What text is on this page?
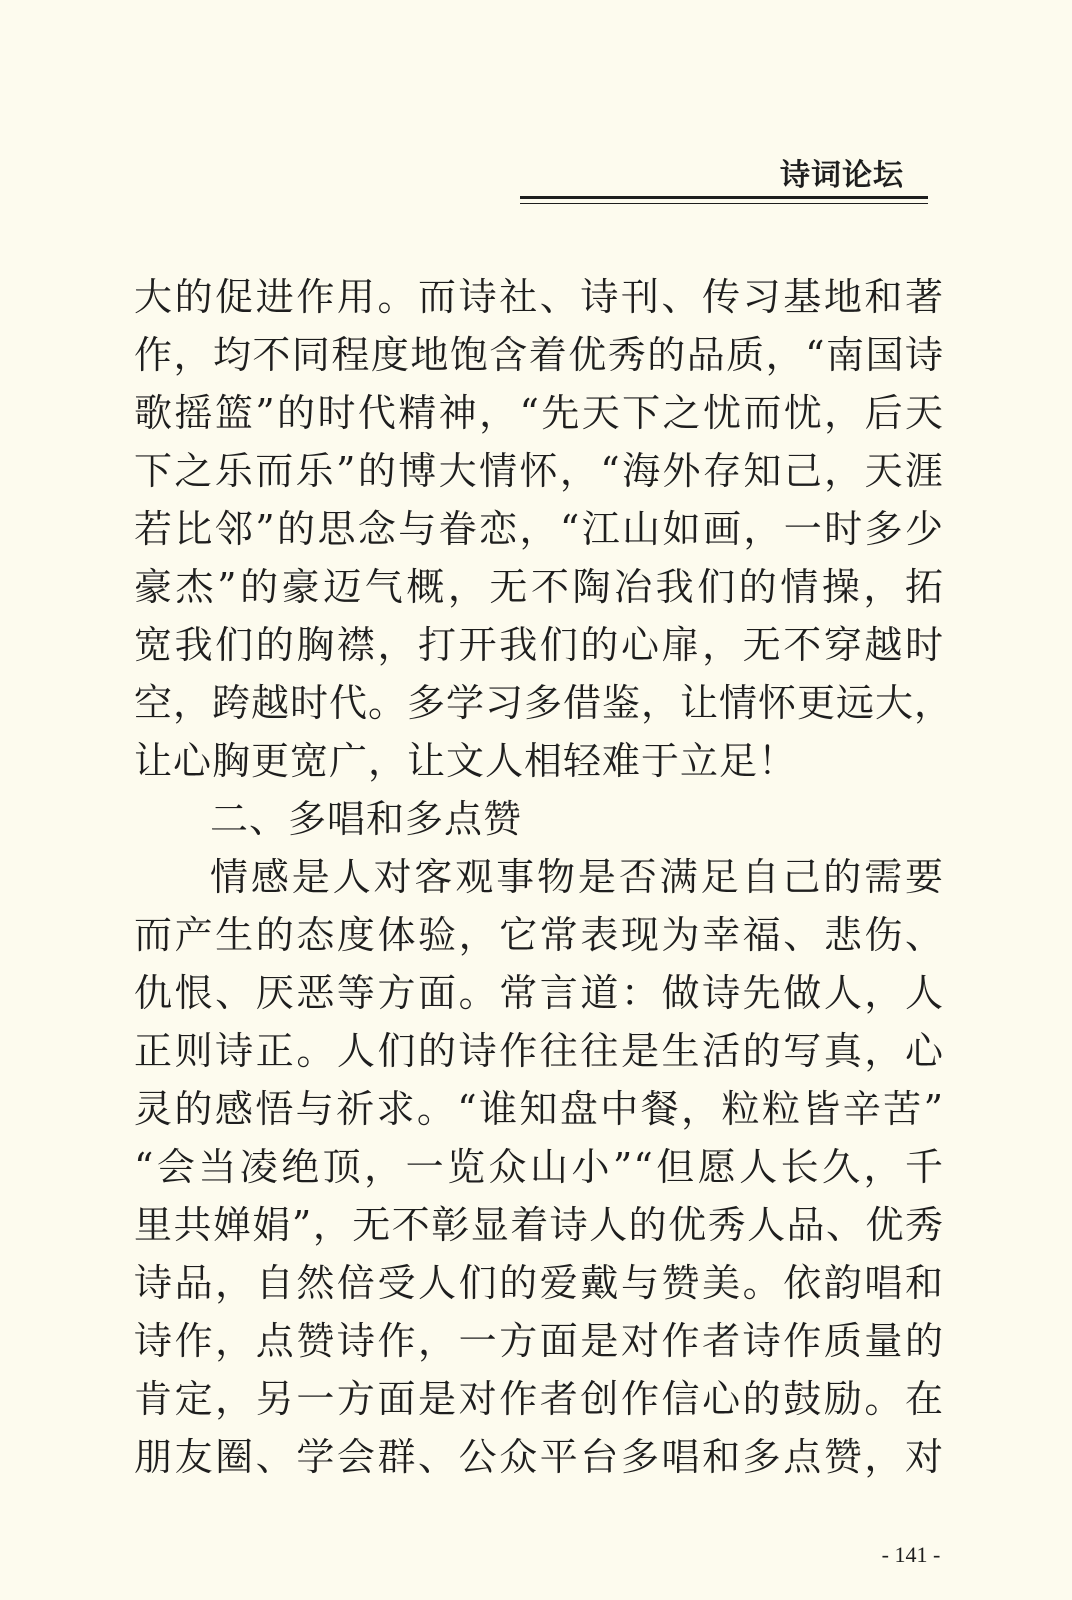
诗词论坛
大的促进作用。而诗社、诗刊、传习基地和著
作，均不同程度地饱含着优秀的品质，“南国诗
歌摇篮”的时代精神，“先天下之忧而忧，后天
下之乐而乐”的博大情怀，“海外存知己，天涯
若比邻”的思念与眷恋，“江山如画，一时多少
豪杰”的豪迈气概，无不陶冶我们的情操，拓
宽我们的胸襟，打开我们的心扉，无不穿越时
空，跨越时代。多学习多借鉴，让情怀更远大，
让心胸更宽广，让文人相轻难于立足！
二、多唱和多点赞
情感是人对客观事物是否满足自己的需要
而产生的态度体验，它常表现为幸福、悲伤、
仇恨、厌恶等方面。常言道：做诗先做人，人
正则诗正。人们的诗作往往是生活的写真，心
灵的感悟与祈求。“谁知盘中餐，粒粒皆辛苦”
“会当凌绝顶，一览众山小”“但愿人长久，千
里共婵娟”，无不彰显着诗人的优秀人品、优秀
诗品，自然倍受人们的爱戴与赞美。依韵唱和
诗作，点赞诗作，一方面是对作者诗作质量的
肯定，另一方面是对作者创作信心的鼓励。在
朋友圈、学会群、公众平台多唱和多点赞，对
- 141 -
